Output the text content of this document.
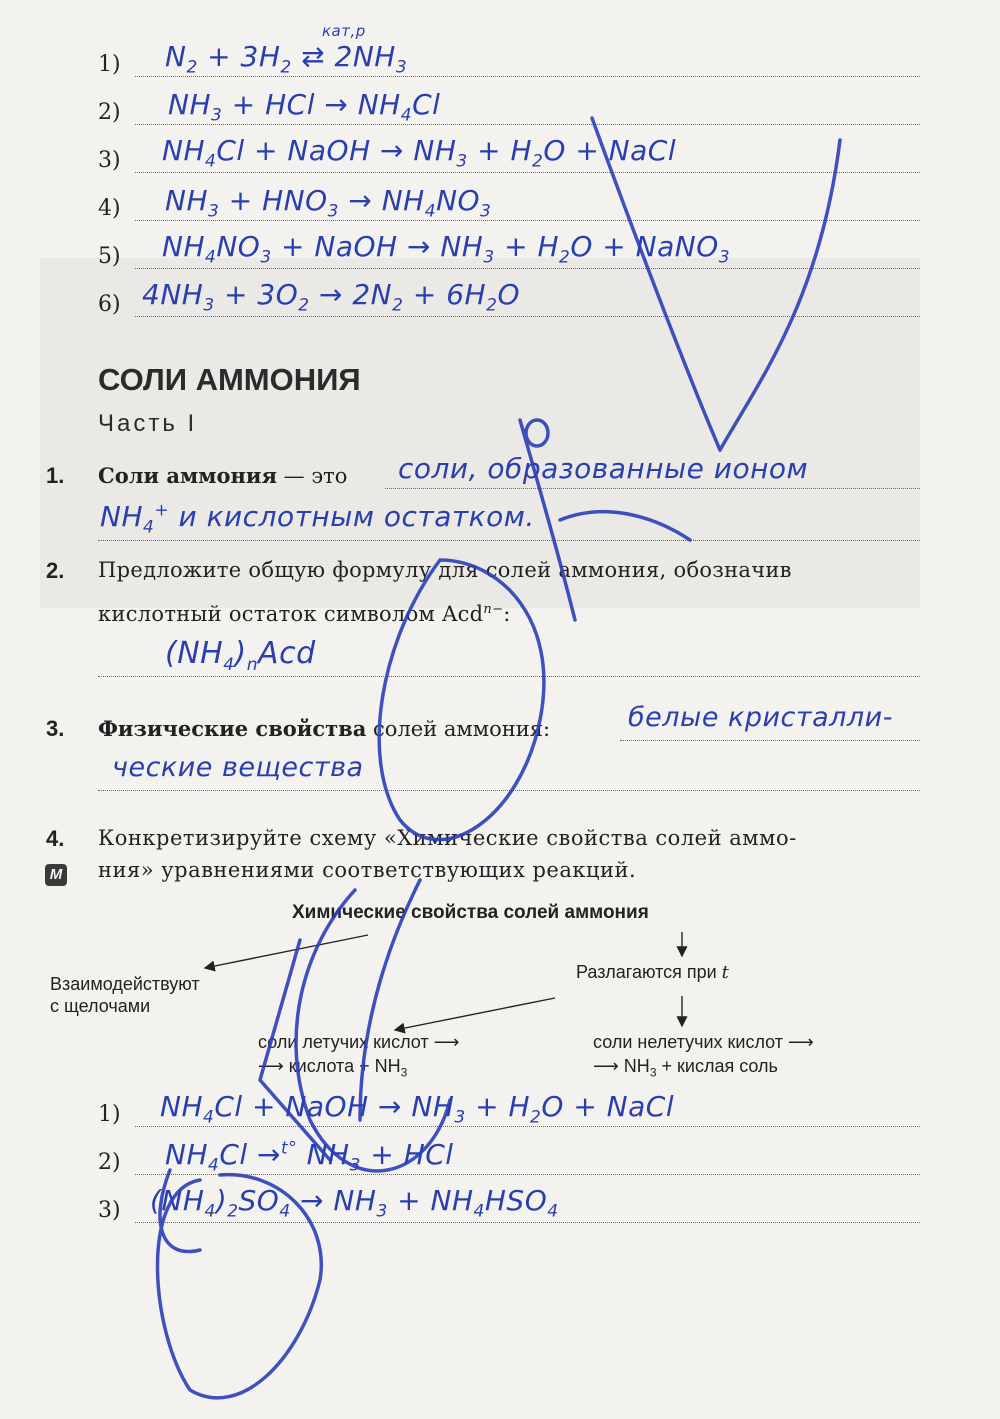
1) $N_2 + 3H_2$ ⇄ $2NH_3$
кат,p
2) $NH_3$ + HCl → $NH_4Cl$
3) $NH_4Cl$ + NaOH → $NH_3 + H_2O$ + NaCl
4) $NH_3 + HNO_3 \to NH_4NO_3$
5) $NH_4NO_3$ + NaOH → $NH_3 + H_2O$ + NaNO$_3$
6) $4NH_3 + 3O_2 \to 2N_2 + 6H_2O$
СОЛИ АММОНИЯ
Часть I
1. Соли аммония — это соли, образованные ионом
$NH_4^+$ и кислотным остатком.
2. Предложите общую формулу для солей аммония, обозначив
кислотный остаток символом Acd$^{n-}$:
$(NH_4)_nAcd$
3. Физические свойства солей аммония:	белые кристалли-
ческие вещества
4.
M
Конкретизируйте схему «Химические свойства солей аммо-
ния» уравнениями соответствующих реакций.
Химические свойства солей аммония
Взаимодействуют
с щелочами
Разлагаются при t
соли летучих кислот ⟶
⟶ кислота + $NH_3$
соли нелетучих кислот ⟶
⟶ $NH_3$ + кислая соль
1) $NH_4Cl$ + NaOH → $NH_3 + H_2O$ + NaCl
2) $NH_4Cl \to^{t^\circ}$ $NH_3$ + HCl
3) $(NH_4)_2SO_4 \to NH_3 + NH_4HSO_4$
